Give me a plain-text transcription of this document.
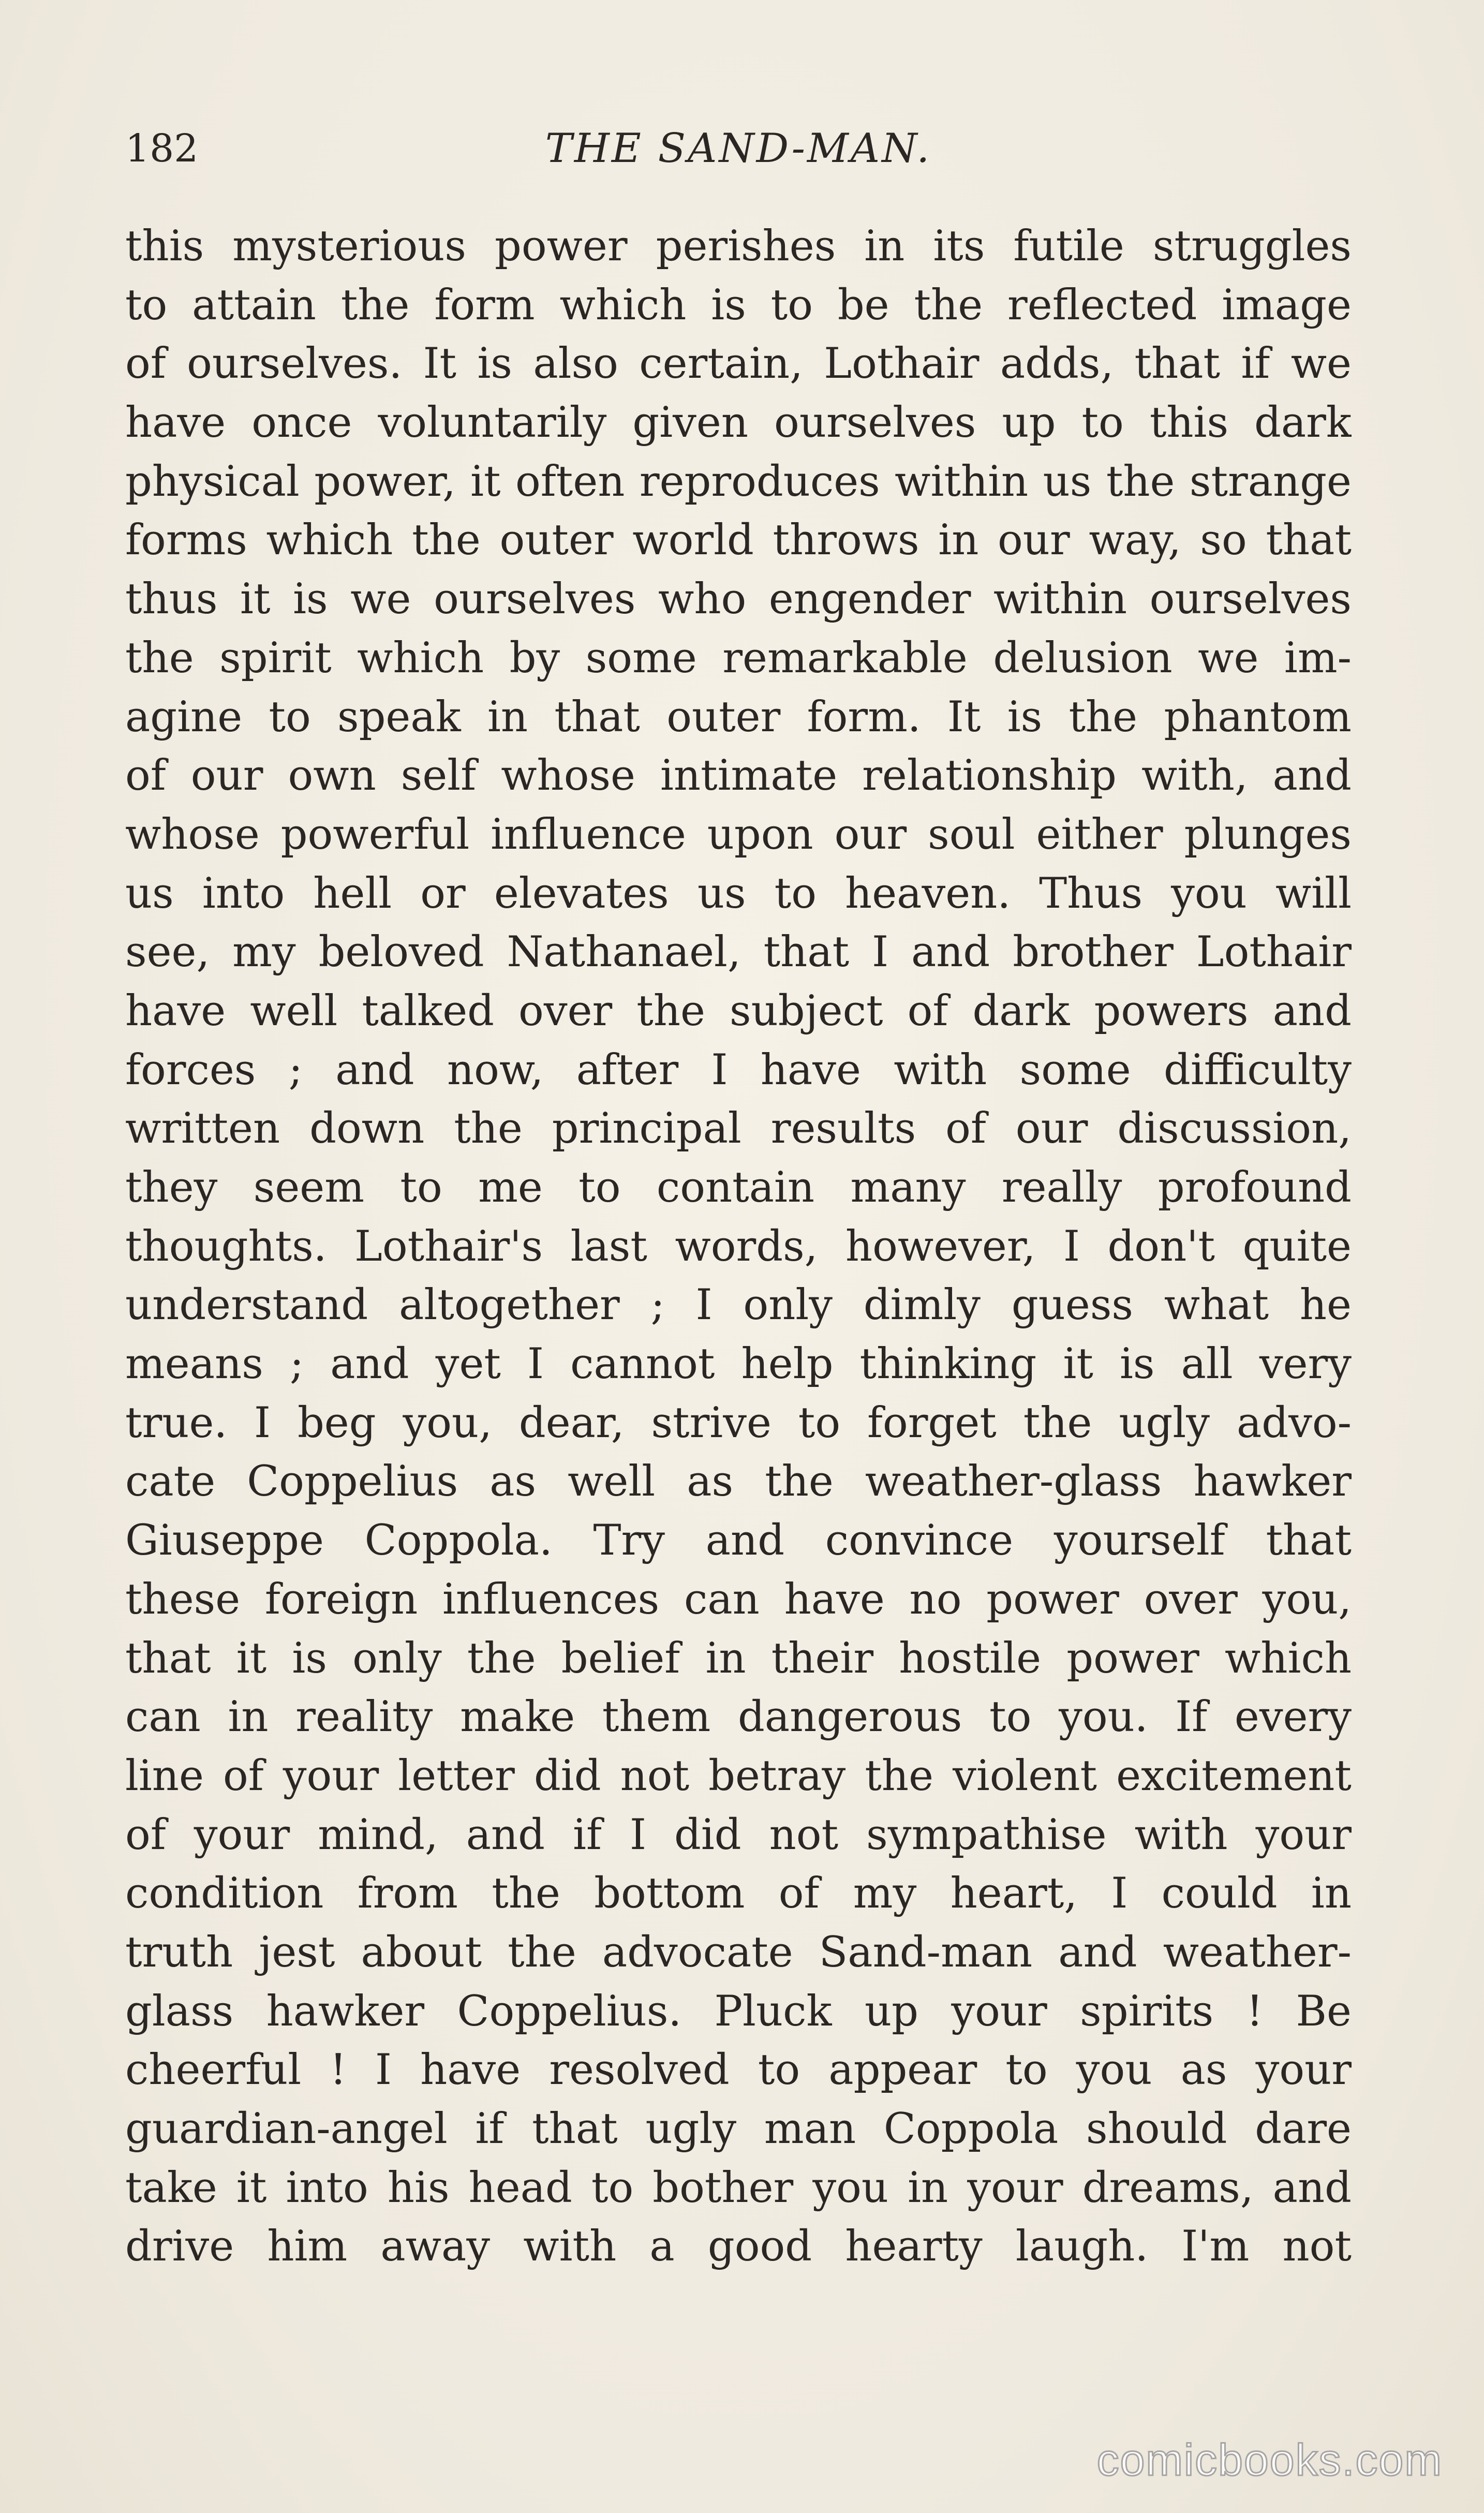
182	THE SAND-MAN.
this mysterious power perishes in its futile struggles
to attain the form which is to be the reflected image
of ourselves. It is also certain, Lothair adds, that if we
have once voluntarily given ourselves up to this dark
physical power, it often reproduces within us the strange
forms which the outer world throws in our way, so that
thus it is we ourselves who engender within ourselves
the spirit which by some remarkable delusion we im-
agine to speak in that outer form. It is the phantom
of our own self whose intimate relationship with, and
whose powerful influence upon our soul either plunges
us into hell or elevates us to heaven. Thus you will
see, my beloved Nathanael, that I and brother Lothair
have well talked over the subject of dark powers and
forces ; and now, after I have with some difficulty
written down the principal results of our discussion,
they seem to me to contain many really profound
thoughts. Lothair's last words, however, I don't quite
understand altogether ; I only dimly guess what he
means ; and yet I cannot help thinking it is all very
true. I beg you, dear, strive to forget the ugly advo-
cate Coppelius as well as the weather-glass hawker
Giuseppe Coppola. Try and convince yourself that
these foreign influences can have no power over you,
that it is only the belief in their hostile power which
can in reality make them dangerous to you. If every
line of your letter did not betray the violent excitement
of your mind, and if I did not sympathise with your
condition from the bottom of my heart, I could in
truth jest about the advocate Sand-man and weather-
glass hawker Coppelius. Pluck up your spirits ! Be
cheerful ! I have resolved to appear to you as your
guardian-angel if that ugly man Coppola should dare
take it into his head to bother you in your dreams, and
drive him away with a good hearty laugh. I'm not
comicbooks.com
